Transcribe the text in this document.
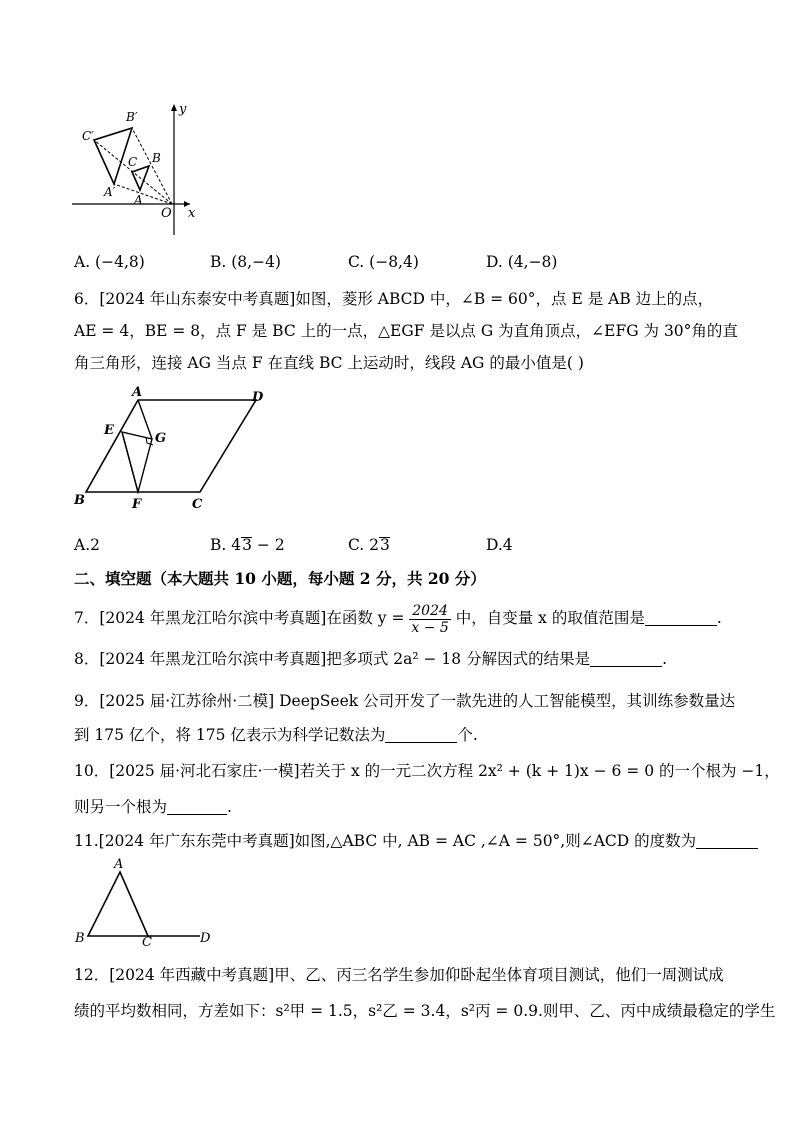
y
x
O
A
B
C
A′
B′
C′
A. (−4,8)	B. (8,−4)	C. (−8,4)	D. (4,−8)
6．[2024 年山东泰安中考真题]如图，菱形 ABCD 中，∠B = 60°，点 E 是 AB 边上的点，
AE = 4，BE = 8，点 F 是 BC 上的一点，△EGF 是以点 G 为直角顶点，∠EFG 为 30°角的直
角三角形，连接 AG 当点 F 在直线 BC 上运动时，线段 AG 的最小值是( )
A	D
B	C
E
G
F
A.2	B. 43 − 2	C. 23	D.4
二、填空题（本大题共 10 小题，每小题 2 分，共 20 分）
7．[2024 年黑龙江哈尔滨中考真题]在函数 $y = \frac{2024}{x - 5}$ 中，自变量 x 的取值范围是	.
8．[2024 年黑龙江哈尔滨中考真题]把多项式 2a² − 18 分解因式的结果是	.
9．[2025 届·江苏徐州·二模] DeepSeek 公司开发了一款先进的人工智能模型，其训练参数量达
到 175 亿个，将 175 亿表示为科学记数法为	个.
10．[2025 届·河北石家庄·一模]若关于 x 的一元二次方程 2x² + (k + 1)x − 6 = 0 的一个根为 −1，
则另一个根为	.
11.[2024 年广东东莞中考真题]如图,△ABC 中, AB = AC ,∠A = 50°,则∠ACD 的度数为
A
B	C	D
12．[2024 年西藏中考真题]甲、乙、丙三名学生参加仰卧起坐体育项目测试，他们一周测试成
绩的平均数相同，方差如下：s²甲 = 1.5，s²乙 = 3.4，s²丙 = 0.9.则甲、乙、丙中成绩最稳定的学生
